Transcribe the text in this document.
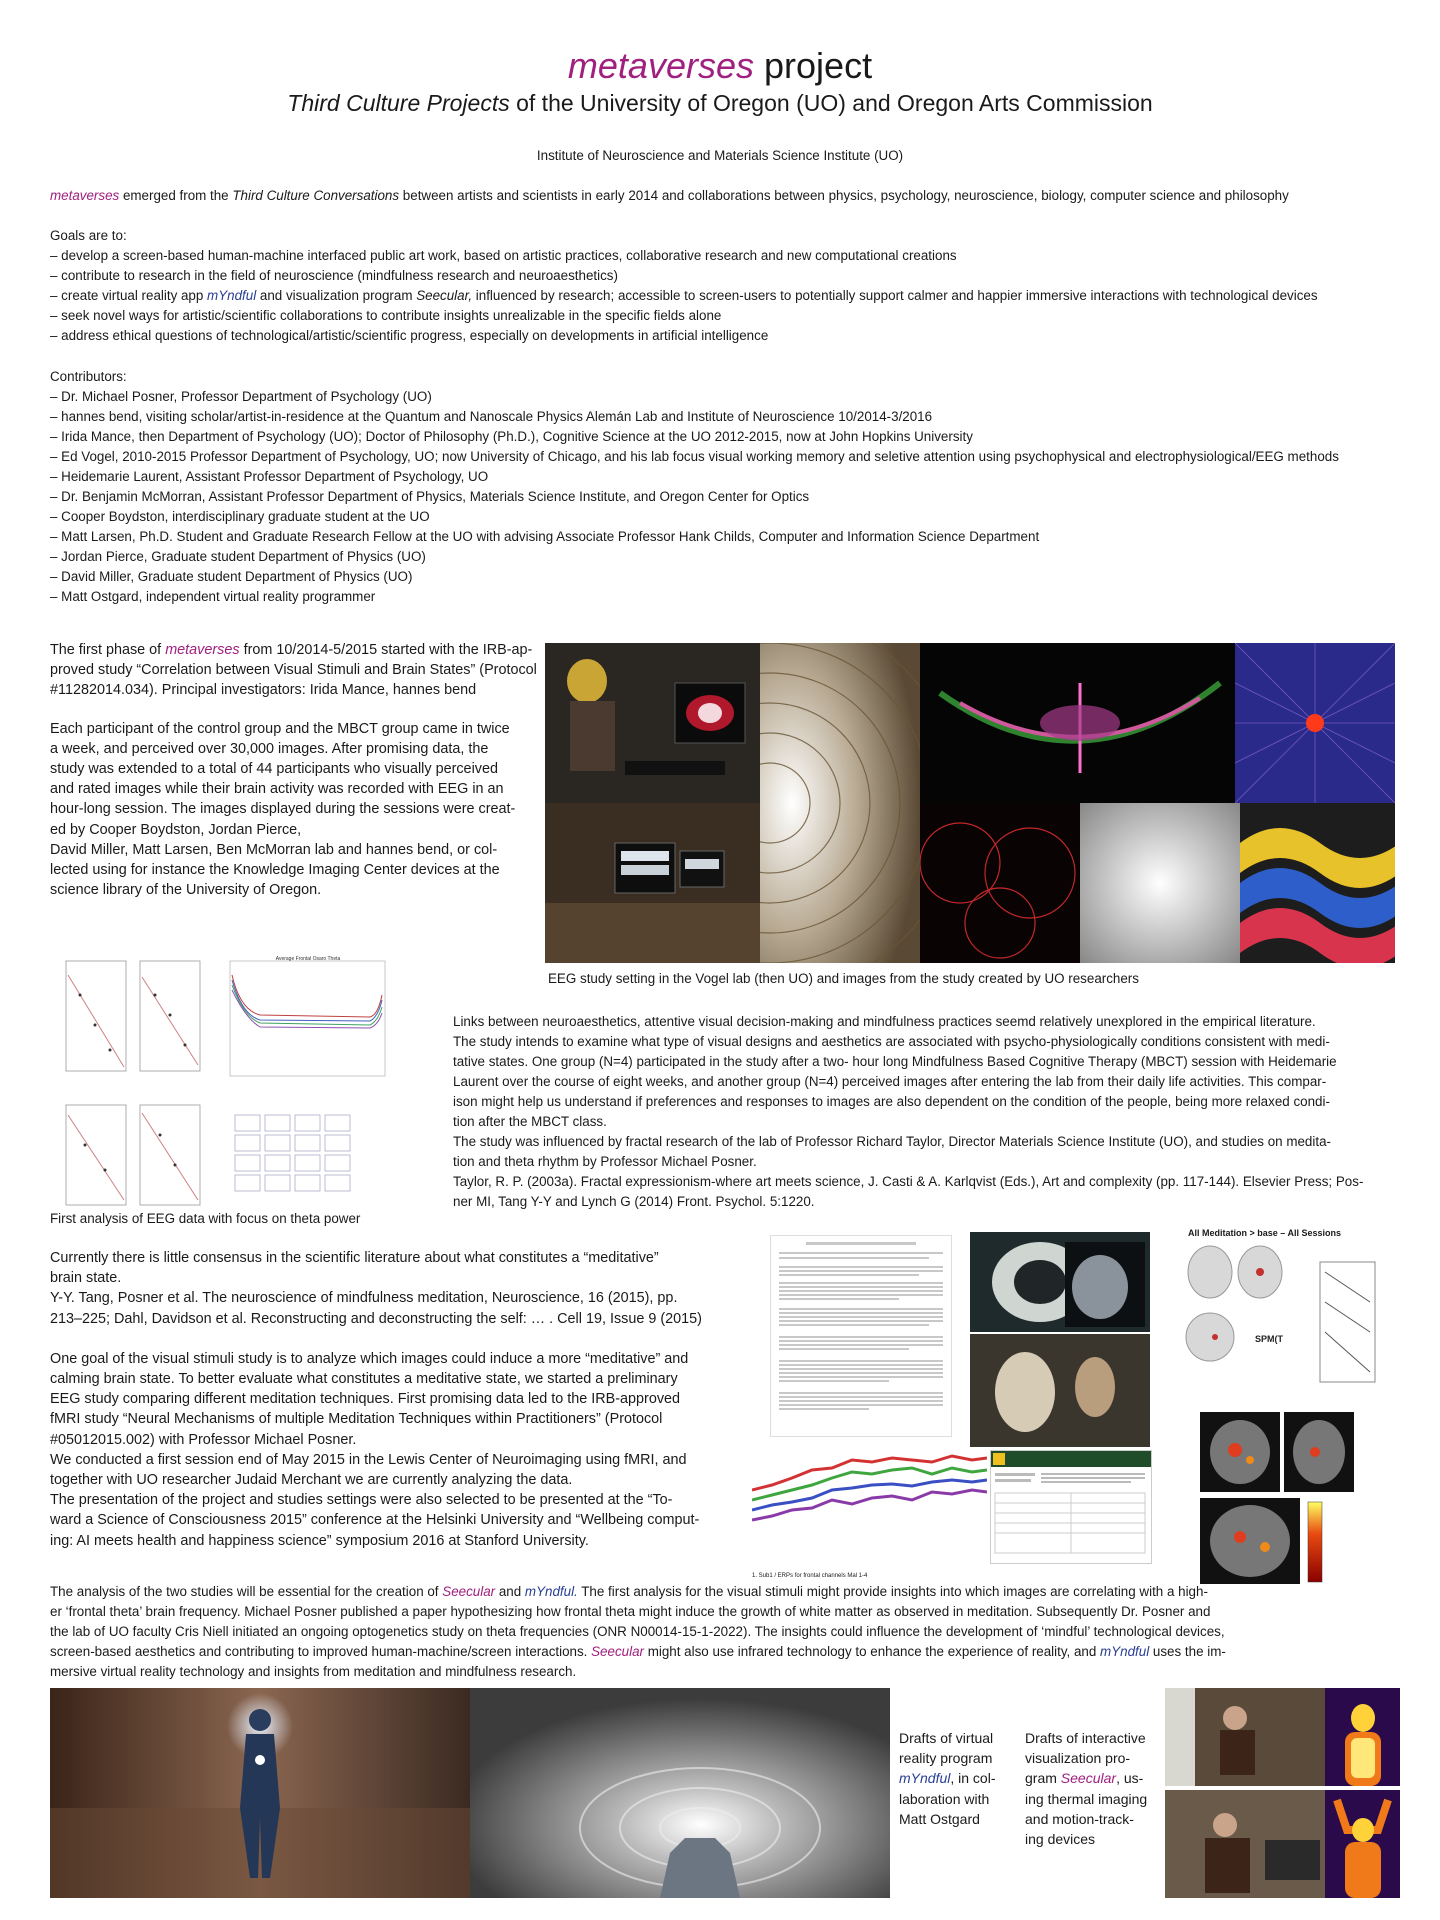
metaverses project
Third Culture Projects of the University of Oregon (UO) and Oregon Arts Commission
Institute of Neuroscience and Materials Science Institute (UO)
metaverses emerged from the Third Culture Conversations between artists and scientists in early 2014 and collaborations between physics, psychology, neuroscience, biology, computer science and philosophy
Goals are to:
– develop a screen-based human-machine interfaced public art work, based on artistic practices, collaborative research and new computational creations
– contribute to research in the field of neuroscience (mindfulness research and neuroaesthetics)
– create virtual reality app mYndful and visualization program Seecular, influenced by research; accessible to screen-users to potentially support calmer and happier immersive interactions with technological devices
– seek novel ways for artistic/scientific collaborations to contribute insights unrealizable in the specific fields alone
– address ethical questions of technological/artistic/scientific progress, especially on developments in artificial intelligence
Contributors:
– Dr. Michael Posner, Professor Department of Psychology (UO)
– hannes bend, visiting scholar/artist-in-residence at the Quantum and Nanoscale Physics Alemán Lab and Institute of Neuroscience 10/2014-3/2016
– Irida Mance, then Department of Psychology (UO); Doctor of Philosophy (Ph.D.), Cognitive Science at the UO 2012-2015, now at John Hopkins University
– Ed Vogel, 2010-2015 Professor Department of Psychology, UO; now University of Chicago, and his lab focus visual working memory and seletive attention using psychophysical and electrophysiological/EEG methods
– Heidemarie Laurent, Assistant Professor Department of Psychology, UO
– Dr. Benjamin McMorran, Assistant Professor Department of Physics, Materials Science Institute, and Oregon Center for Optics
– Cooper Boydston, interdisciplinary graduate student at the UO
– Matt Larsen, Ph.D. Student and Graduate Research Fellow at the UO with advising Associate Professor Hank Childs, Computer and Information Science Department
– Jordan Pierce, Graduate student Department of Physics (UO)
– David Miller, Graduate student Department of Physics (UO)
– Matt Ostgard, independent virtual reality programmer
The first phase of metaverses from 10/2014-5/2015 started with the IRB-ap-
proved study “Correlation between Visual Stimuli and Brain States” (Protocol
#11282014.034). Principal investigators: Irida Mance, hannes bend
Each participant of the control group and the MBCT group came in twice
a week, and perceived over 30,000 images. After promising data, the
study was extended to a total of 44 participants who visually perceived
and rated images while their brain activity was recorded with EEG in an
hour-long session. The images displayed during the sessions were creat-
ed by Cooper Boydston, Jordan Pierce,
David Miller, Matt Larsen, Ben McMorran lab and hannes bend, or col-
lected using for instance the Knowledge Imaging Center devices at the
science library of the University of Oregon.
EEG study setting in the Vogel lab (then UO) and images from the study created by UO researchers
Average Frontal Osaro Theta
First analysis of EEG data with focus on theta power
Links between neuroaesthetics, attentive visual decision-making and mindfulness practices seemd relatively unexplored in the empirical literature.
The study intends to examine what type of visual designs and aesthetics are associated with psycho-physiologically conditions consistent with medi-
tative states. One group (N=4) participated in the study after a two- hour long Mindfulness Based Cognitive Therapy (MBCT) session with Heidemarie
Laurent over the course of eight weeks, and another group (N=4) perceived images after entering the lab from their daily life activities. This compar-
ison might help us understand if preferences and responses to images are also dependent on the condition of the people, being more relaxed condi-
tion after the MBCT class.
The study was influenced by fractal research of the lab of Professor Richard Taylor, Director Materials Science Institute (UO), and studies on medita-
tion and theta rhythm by Professor Michael Posner.
Taylor, R. P. (2003a). Fractal expressionism-where art meets science, J. Casti & A. Karlqvist (Eds.), Art and complexity (pp. 117-144). Elsevier Press; Pos-
ner MI, Tang Y-Y and Lynch G (2014) Front. Psychol. 5:1220.
Currently there is little consensus in the scientific literature about what constitutes a “meditative”
brain state.
Y-Y. Tang, Posner et al. The neuroscience of mindfulness meditation, Neuroscience, 16 (2015), pp.
213–225; Dahl, Davidson et al. Reconstructing and deconstructing the self: … . Cell 19, Issue 9 (2015)
One goal of the visual stimuli study is to analyze which images could induce a more “meditative” and
calming brain state. To better evaluate what constitutes a meditative state, we started a preliminary
EEG study comparing different meditation techniques. First promising data led to the IRB-approved
fMRI study “Neural Mechanisms of multiple Meditation Techniques within Practitioners” (Protocol
#05012015.002) with Professor Michael Posner.
We conducted a first session end of May 2015 in the Lewis Center of Neuroimaging using fMRI, and
together with UO researcher Judaid Merchant we are currently analyzing the data.
The presentation of the project and studies settings were also selected to be presented at the “To-
ward a Science of Consciousness 2015” conference at the Helsinki University and “Wellbeing comput-
ing: AI meets health and happiness science” symposium 2016 at Stanford University.
All Meditation > base – All Sessions
SPM(T
1. Sub1 / ERPs for frontal channels Mal 1-4
The analysis of the two studies will be essential for the creation of Seecular and mYndful. The first analysis for the visual stimuli might provide insights into which images are correlating with a high-
er ‘frontal theta’ brain frequency. Michael Posner published a paper hypothesizing how frontal theta might induce the growth of white matter as observed in meditation. Subsequently Dr. Posner and
the lab of UO faculty Cris Niell initiated an ongoing optogenetics study on theta frequencies (ONR N00014-15-1-2022). The insights could influence the development of ‘mindful’ technological devices,
screen-based aesthetics and contributing to improved human-machine/screen interactions. Seecular might also use infrared technology to enhance the experience of reality, and mYndful uses the im-
mersive virtual reality technology and insights from meditation and mindfulness research.
Drafts of virtual
reality program
mYndful, in col-
laboration with
Matt Ostgard
Drafts of interactive
visualization pro-
gram Seecular, us-
ing thermal imaging
and motion-track-
ing devices
